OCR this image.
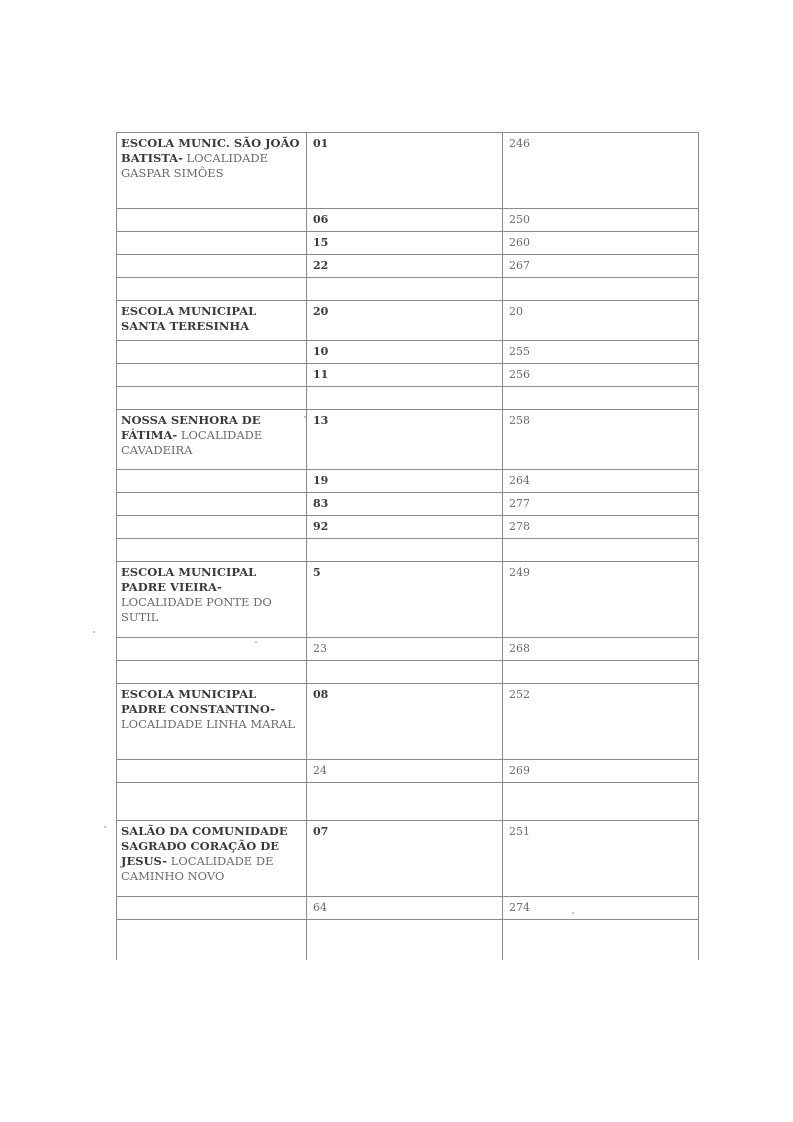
ESCOLA MUNIC. SÃO JOÃO BATISTA- LOCALIDADE GASPAR SIMÕES	01	246
	06	250
	15	260
	22	267

ESCOLA MUNICIPAL SANTA TERESINHA	20	20
	10	255
	11	256

NOSSA SENHORA DE FÁTIMA- LOCALIDADE CAVADEIRA	13	258
	19	264
	83	277
	92	278

ESCOLA MUNICIPAL PADRE VIEIRA- LOCALIDADE PONTE DO SUTIL	5	249
	23	268

ESCOLA MUNICIPAL PADRE CONSTANTINO- LOCALIDADE LINHA MARAL	08	252
	24	269

SALÃO DA COMUNIDADE SAGRADO CORAÇÃO DE JESUS- LOCALIDADE DE CAMINHO NOVO	07	251
	64	274
